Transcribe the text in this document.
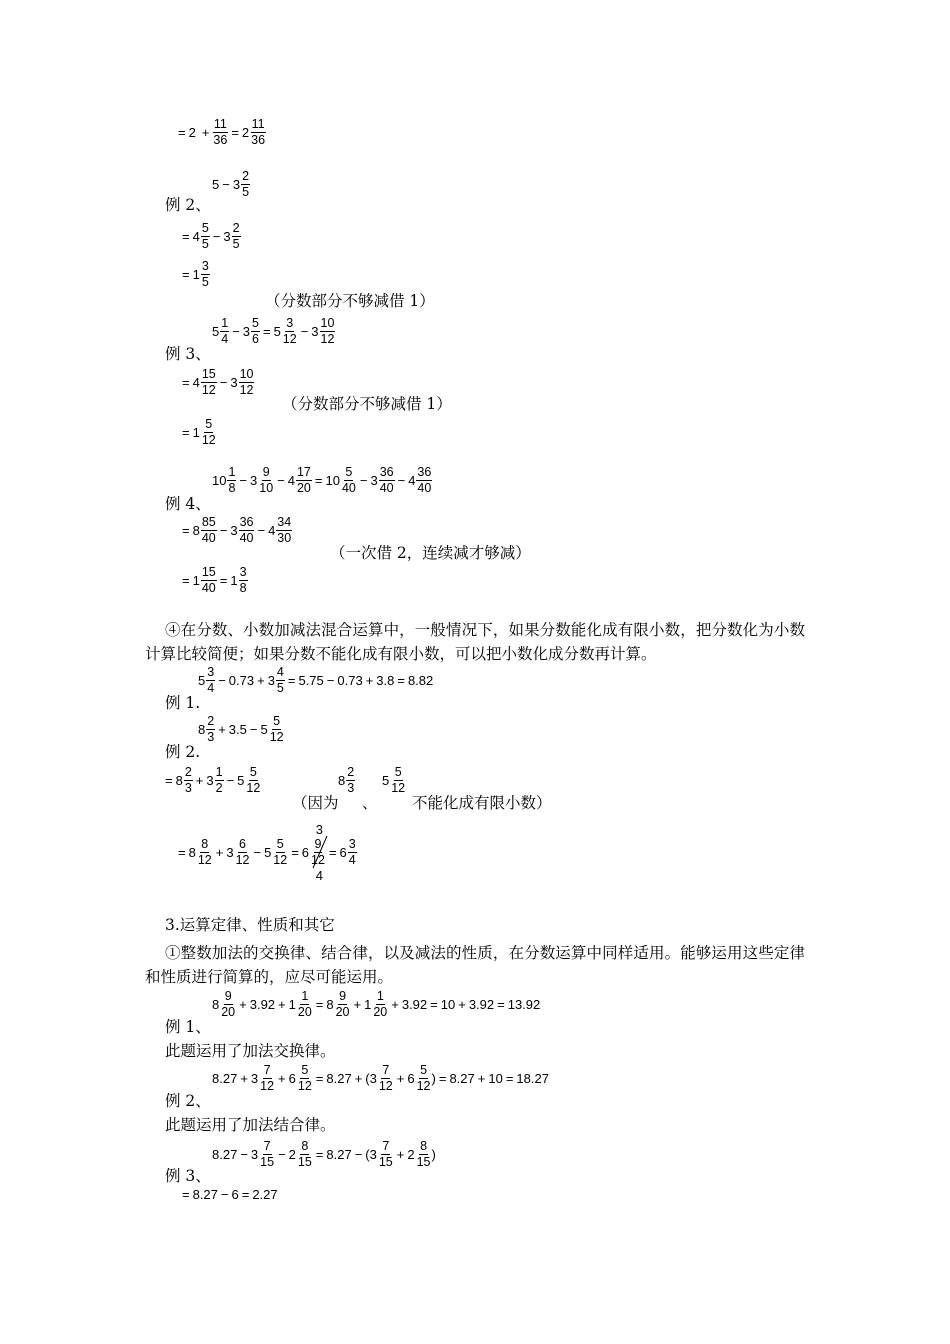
= $2 + \frac{11}{36} = 2$
11
36
5 − 3
2
5
例 2、
= 4
5
5
− 3
2
5
= 1
3
5
（分数部分不够减借 1）
5
1
4
− 3
5
6
= 5
3
12
− 3
10
12
例 3、
= 4
15
12
− 3
10
12
（分数部分不够减借 1）
= 1
5
12
10
1
8
− 3
9
10
− 4
17
20
= 10
5
40
− 3
36
40
− 4
36
40
例 4、
= 8
85
40
− 3
36
40
− 4
34
30
（一次借 2，连续减才够减）
= 1
15
40
= 1
3
8
④在分数、小数加减法混合运算中，一般情况下，如果分数能化成有限小数，把分数化为小数计算比较简便；如果分数不能化成有限小数，可以把小数化成分数再计算。
5
3
4
− 0.73 + 3
4
5
= 5.75 − 0.73 + 3.8 = 8.82
例 1.
8
2
3
+ 3.5 − 5
5
12
例 2.
= 8
2
3
+ 3
1
2
− 5
5
12
8
2
3
5
5
12
（因为 、 不能化成有限小数）
= 8
8
12
+ 3
6
12
− 5
5
12
= 6
9
12
3
4
= 6
3
4
3.运算定律、性质和其它
①整数加法的交换律、结合律，以及减法的性质，在分数运算中同样适用。能够运用这些定律和性质进行简算的，应尽可能运用。
8
9
20
+ 3.92 + 1
1
20
= 8
9
20
+ 1
1
20
+ 3.92 = 10 + 3.92 = 13.92
例 1、
此题运用了加法交换律。
8.27 + 3
7
12
+ 6
5
12
= 8.27 + ( 3
7
12
+ 6
5
12
) = 8.27 + 10 = 18.27
例 2、
此题运用了加法结合律。
8.27 − 3
7
15
− 2
8
15
= 8.27 − ( 3
7
15
+ 2
8
15
)
例 3、
= 8.27 − 6 = 2.27
